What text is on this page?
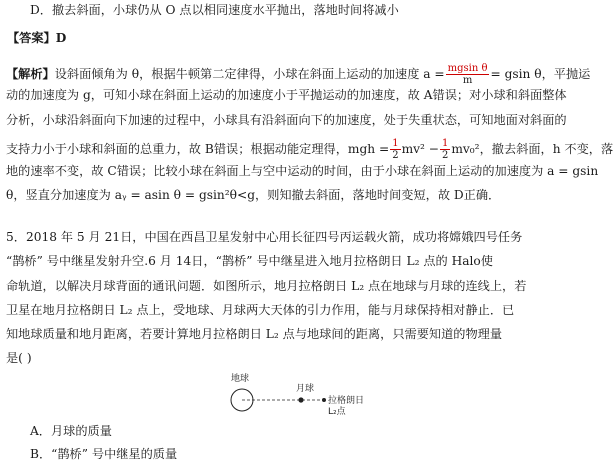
D．撤去斜面，小球仍从 O 点以相同速度水平抛出，落地时间将减小
【答案】D
【解析】设斜面倾角为 θ，根据牛顿第二定律得，小球在斜面上运动的加速度 $a = \frac{\text{mgsin θ}}{m} = gsin$ θ，平抛运
动的加速度为 g，可知小球在斜面上运动的加速度小于平抛运动的加速度，故 A错误；对小球和斜面整体
分析，小球沿斜面向下加速的过程中，小球具有沿斜面向下的加速度，处于失重状态，可知地面对斜面的
支持力小于小球和斜面的总重力，故 B错误；根据动能定理得，mgh = $\frac{1}{2} mv^2 - \frac{1}{2} mv_0^2$，撤去斜面，h 不变，落
地的速率不变，故 C错误；比较小球在斜面上与空中运动的时间，由于小球在斜面上运动的加速度为 a = gsin
θ，竖直分加速度为 aᵧ = asin θ = gsin²θ<g，则知撤去斜面，落地时间变短，故 D正确．
5．2018 年 5 月 21日，中国在西昌卫星发射中心用长征四号丙运载火箭，成功将嫦娥四号任务
“鹊桥” 号中继星发射升空.6 月 14日，“鹊桥” 号中继星进入地月拉格朗日 L₂ 点的 Halo使
命轨道，以解决月球背面的通讯问题．如图所示，地月拉格朗日 L₂ 点在地球与月球的连线上，若
卫星在地月拉格朗日 L₂ 点上，受地球、月球两大天体的引力作用，能与月球保持相对静止．已
知地球质量和地月距离，若要计算地月拉格朗日 L₂ 点与地球间的距离，只需要知道的物理量
是( )
地球
月球
拉格朗日
L₂点
A．月球的质量
B．“鹊桥” 号中继星的质量
